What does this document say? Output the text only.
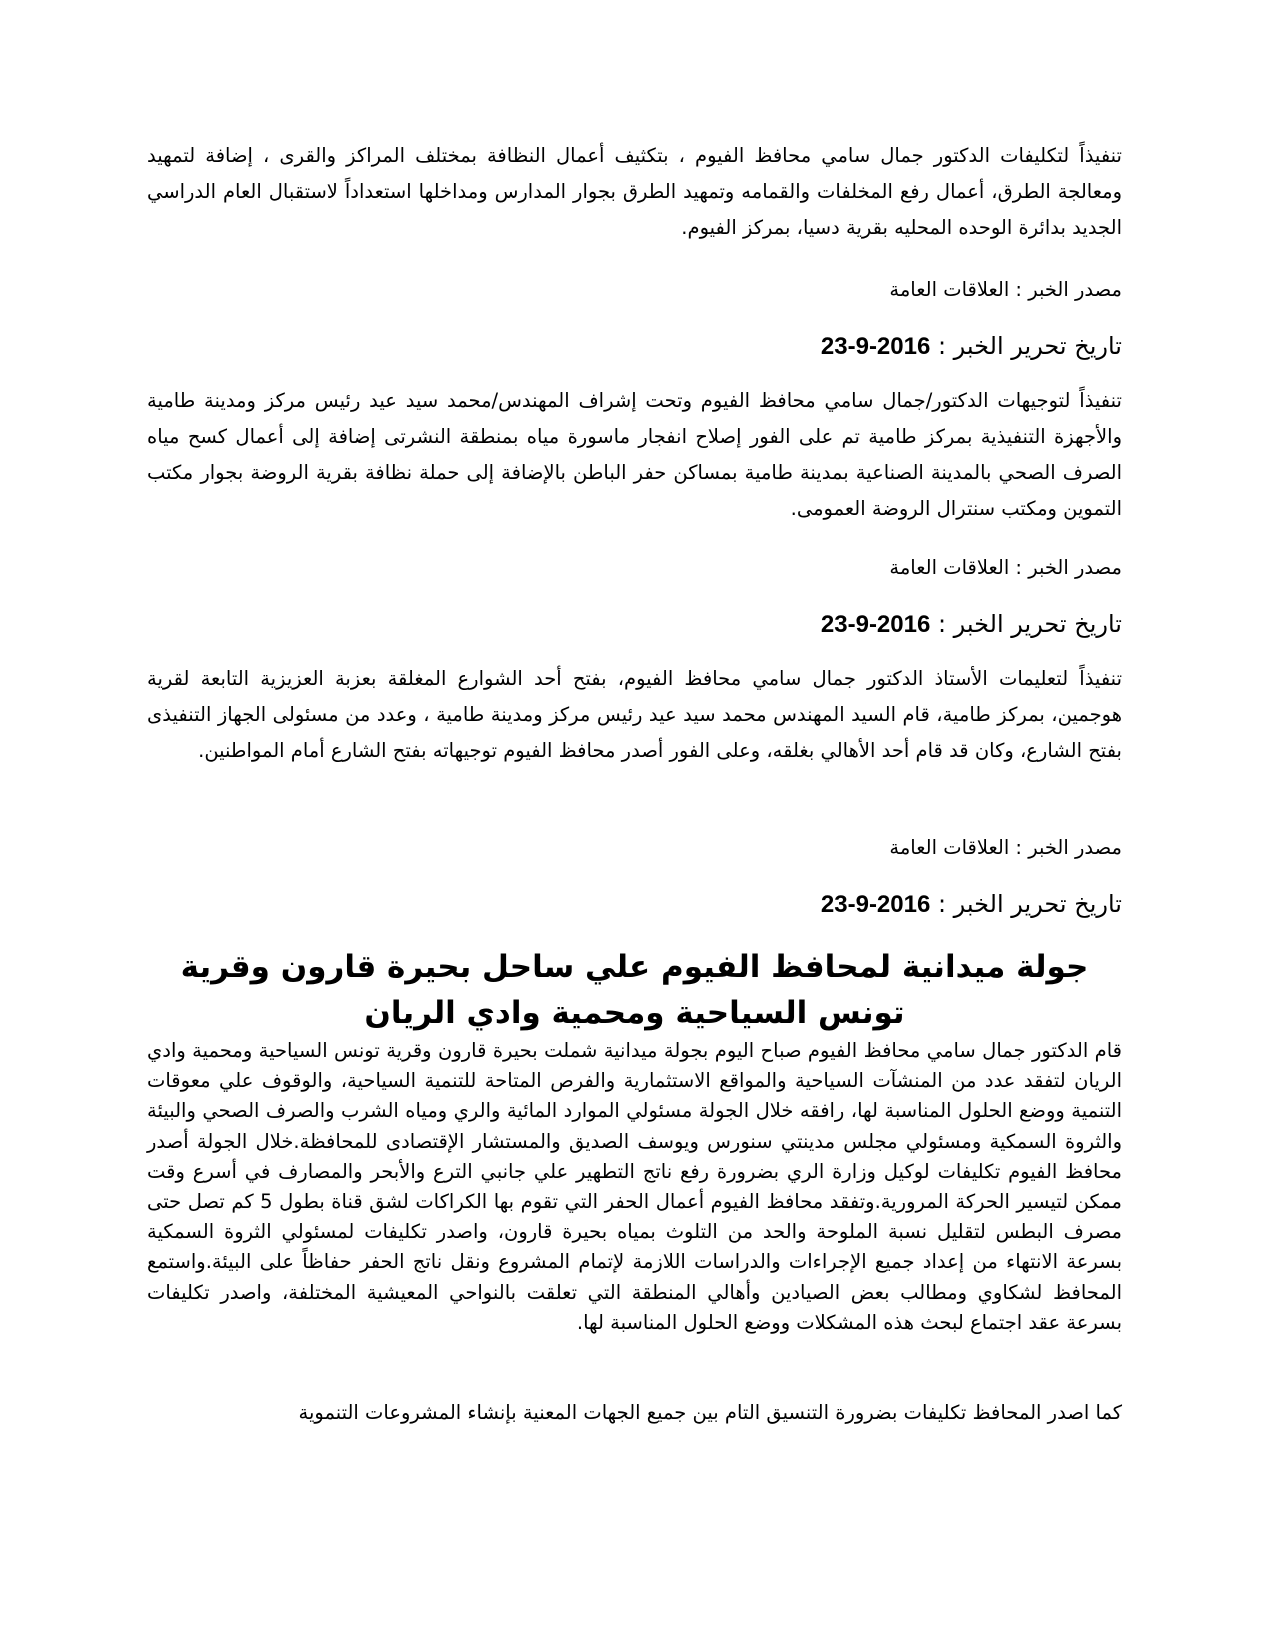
تنفيذاً لتكليفات الدكتور جمال سامي محافظ الفيوم ، بتكثيف أعمال النظافة بمختلف المراكز والقرى ، إضافة لتمهيد ومعالجة الطرق، أعمال رفع المخلفات والقمامه وتمهيد الطرق بجوار المدارس ومداخلها استعداداً لاستقبال العام الدراسي الجديد بدائرة الوحده المحليه بقرية دسيا، بمركز الفيوم.

مصدر الخبر : العلاقات العامة

تاريخ تحرير الخبر : 23-9-2016

تنفيذاً لتوجيهات الدكتور/جمال سامي محافظ الفيوم وتحت إشراف المهندس/محمد سيد عيد رئيس مركز ومدينة طامية والأجهزة التنفيذية بمركز طامية تم على الفور إصلاح انفجار ماسورة مياه بمنطقة النشرتى إضافة إلى أعمال كسح مياه الصرف الصحي بالمدينة الصناعية بمدينة طامية بمساكن حفر الباطن بالإضافة إلى حملة نظافة بقرية الروضة بجوار مكتب التموين ومكتب سنترال الروضة العمومى.

مصدر الخبر : العلاقات العامة

تاريخ تحرير الخبر : 23-9-2016

تنفيذاً لتعليمات الأستاذ الدكتور جمال سامي محافظ الفيوم، بفتح أحد الشوارع المغلقة بعزبة العزيزية التابعة لقرية هوجمين، بمركز طامية، قام السيد المهندس محمد سيد عيد رئيس مركز ومدينة طامية ، وعدد من مسئولى الجهاز التنفيذى بفتح الشارع، وكان قد قام أحد الأهالي بغلقه، وعلى الفور أصدر محافظ الفيوم توجيهاته بفتح الشارع أمام المواطنين.

مصدر الخبر : العلاقات العامة

تاريخ تحرير الخبر : 23-9-2016

جولة ميدانية لمحافظ الفيوم علي ساحل بحيرة قارون وقرية تونس السياحية ومحمية وادي الريان

قام الدكتور جمال سامي محافظ الفيوم صباح اليوم بجولة ميدانية شملت بحيرة قارون وقرية تونس السياحية ومحمية وادي الريان لتفقد عدد من المنشآت السياحية والمواقع الاستثمارية والفرص المتاحة للتنمية السياحية، والوقوف علي معوقات التنمية ووضع الحلول المناسبة لها، رافقه خلال الجولة مسئولي الموارد المائية والري ومياه الشرب والصرف الصحي والبيئة والثروة السمكية ومسئولي مجلس مدينتي سنورس ويوسف الصديق والمستشار الإقتصادى للمحافظة.خلال الجولة أصدر محافظ الفيوم تكليفات لوكيل وزارة الري بضرورة رفع ناتج التطهير علي جانبي الترع والأبحر والمصارف في أسرع وقت ممكن لتيسير الحركة المرورية.وتفقد محافظ الفيوم أعمال الحفر التي تقوم بها الكراكات لشق قناة بطول 5 كم تصل حتى مصرف البطس لتقليل نسبة الملوحة والحد من التلوث بمياه بحيرة قارون، واصدر تكليفات لمسئولي الثروة السمكية بسرعة الانتهاء من إعداد جميع الإجراءات والدراسات اللازمة لإتمام المشروع ونقل ناتج الحفر حفاظاً على البيئة.واستمع المحافظ لشكاوي ومطالب بعض الصيادين وأهالي المنطقة التي تعلقت بالنواحي المعيشية المختلفة، واصدر تكليفات بسرعة عقد اجتماع لبحث هذه المشكلات ووضع الحلول المناسبة لها.

كما اصدر المحافظ تكليفات بضرورة التنسيق التام بين جميع الجهات المعنية بإنشاء المشروعات التنموية
